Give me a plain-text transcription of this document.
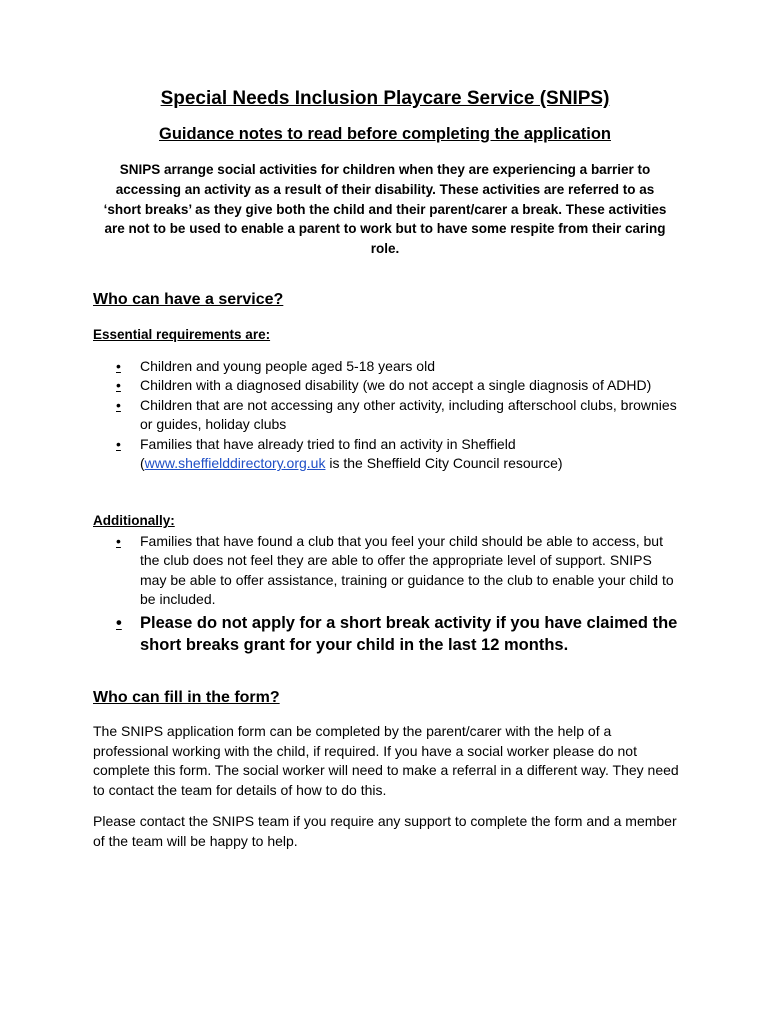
Special Needs Inclusion Playcare Service (SNIPS)
Guidance notes to read before completing the application

SNIPS arrange social activities for children when they are experiencing a barrier to accessing an activity as a result of their disability. These activities are referred to as ‘short breaks’ as they give both the child and their parent/carer a break. These activities are not to be used to enable a parent to work but to have some respite from their caring role.

Who can have a service?
Essential requirements are:
• Children and young people aged 5-18 years old
• Children with a diagnosed disability (we do not accept a single diagnosis of ADHD)
• Children that are not accessing any other activity, including afterschool clubs, brownies or guides, holiday clubs
• Families that have already tried to find an activity in Sheffield (www.sheffielddirectory.org.uk is the Sheffield City Council resource)
Additionally:
• Families that have found a club that you feel your child should be able to access, but the club does not feel they are able to offer the appropriate level of support. SNIPS may be able to offer assistance, training or guidance to the club to enable your child to be included.
• Please do not apply for a short break activity if you have claimed the short breaks grant for your child in the last 12 months.
Who can fill in the form?

The SNIPS application form can be completed by the parent/carer with the help of a professional working with the child, if required. If you have a social worker please do not complete this form. The social worker will need to make a referral in a different way. They need to contact the team for details of how to do this.

Please contact the SNIPS team if you require any support to complete the form and a member of the team will be happy to help.
